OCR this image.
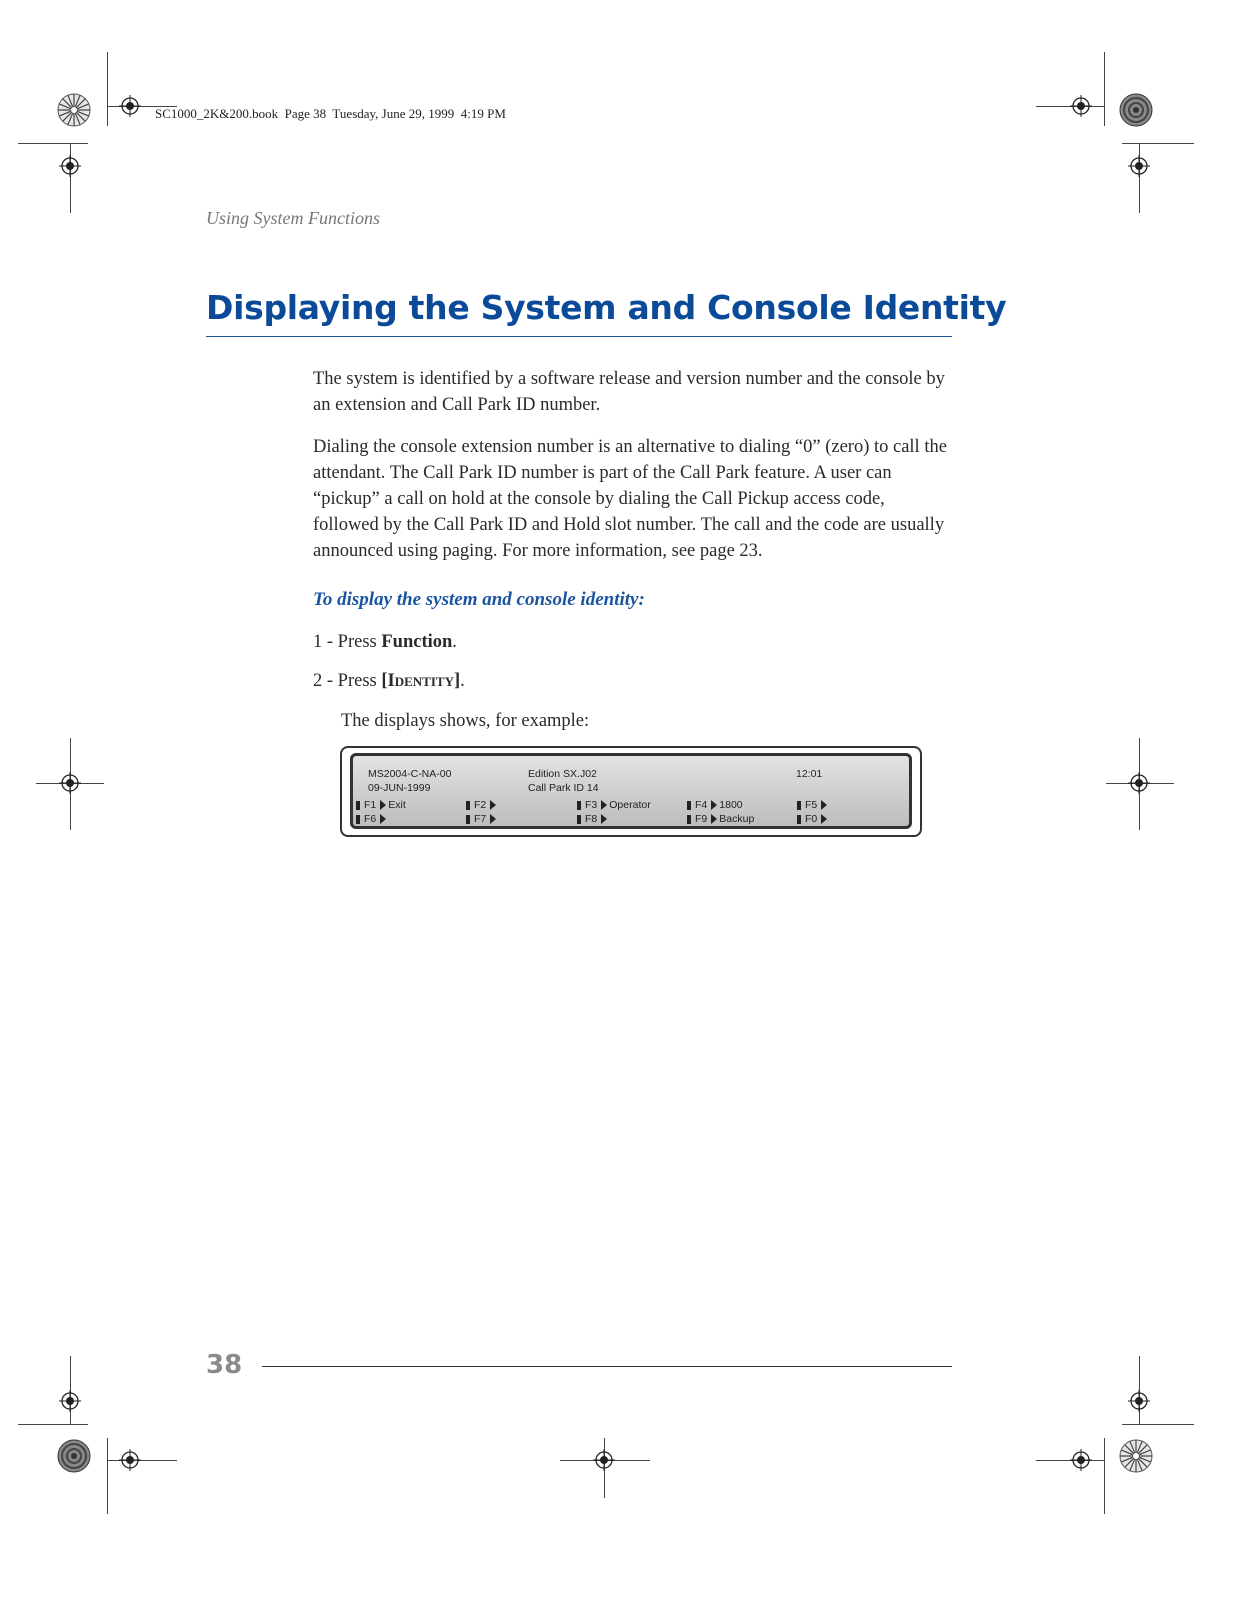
SC1000_2K&200.book  Page 38  Tuesday, June 29, 1999  4:19 PM
Using System Functions
Displaying the System and Console Identity

The system is identified by a software release and version number and the console by an extension and Call Park ID number.

Dialing the console extension number is an alternative to dialing “0” (zero) to call the attendant. The Call Park ID number is part of the Call Park feature. A user can “pickup” a call on hold at the console by dialing the Call Pickup access code, followed by the Call Park ID and Hold slot number. The call and the code are usually announced using paging. For more information, see page 23.

To display the system and console identity:
1 - Press Function.
2 - Press [Identity].
The displays shows, for example:
MS2004-C-NA-00	Edition SX.J02	12:01
09-JUN-1999	Call Park ID 14
F1 Exit	F2	F3 Operator	F4 1800	F5
F6	F7	F8	F9 Backup	F0
38
